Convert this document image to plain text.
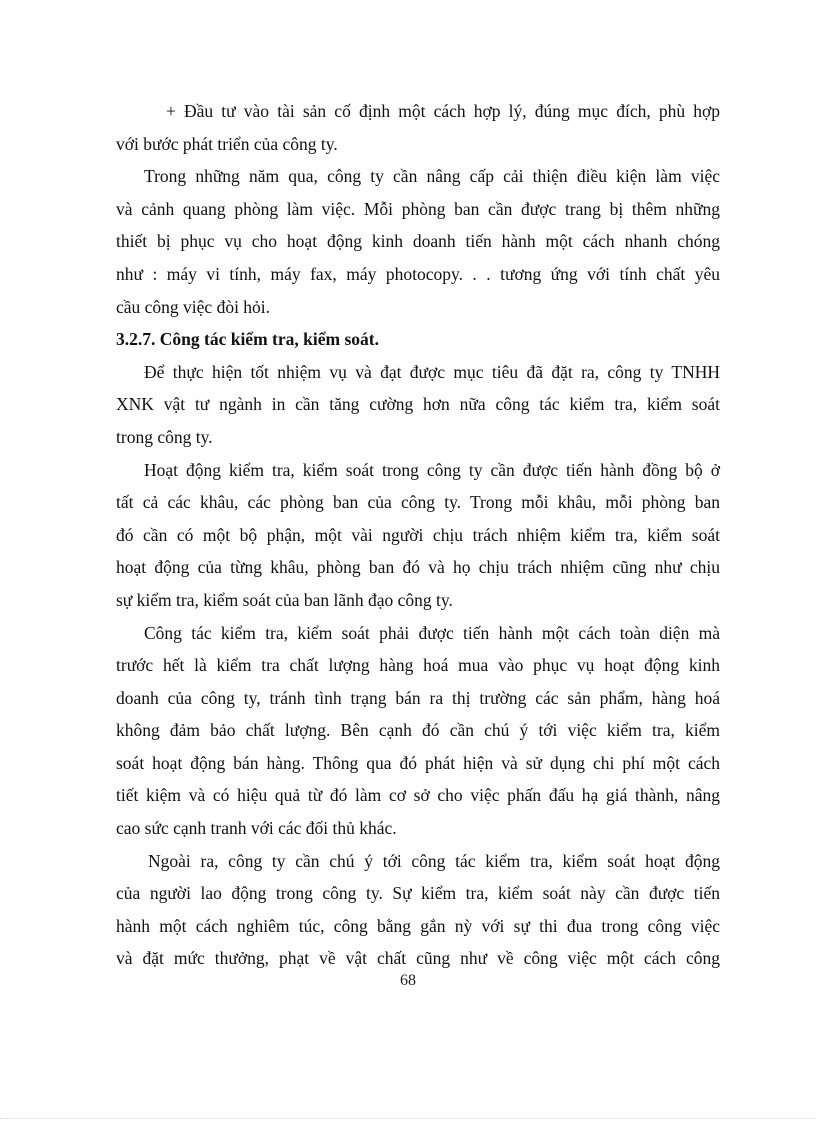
+ Đầu tư vào tài sản cố định một cách hợp lý, đúng mục đích, phù hợp
với bước phát triển của công ty.
Trong những năm qua, công ty cần nâng cấp cải thiện điều kiện làm việc
và cảnh quang phòng làm việc. Mỗi phòng ban cần được trang bị thêm những
thiết bị phục vụ cho hoạt động kinh doanh tiến hành một cách nhanh chóng
như : máy vi tính, máy fax, máy photocopy. . . tương ứng với tính chất yêu
cầu công việc đòi hỏi.
3.2.7. Công tác kiểm tra, kiểm soát.
Để thực hiện tốt nhiệm vụ và đạt được mục tiêu đã đặt ra, công ty TNHH
XNK vật tư ngành in cần tăng cường hơn nữa công tác kiểm tra, kiểm soát
trong công ty.
Hoạt động kiểm tra, kiểm soát trong công ty cần được tiến hành đồng bộ ở
tất cả các khâu, các phòng ban của công ty. Trong mỗi khâu, mỗi phòng ban
đó cần có một bộ phận, một vài người chịu trách nhiệm kiểm tra, kiểm soát
hoạt động của từng khâu, phòng ban đó và họ chịu trách nhiệm cũng như chịu
sự kiểm tra, kiểm soát của ban lãnh đạo công ty.
Công tác kiểm tra, kiểm soát phải được tiến hành một cách toàn diện mà
trước hết là kiểm tra chất lượng hàng hoá mua vào phục vụ hoạt động kinh
doanh của công ty, tránh tình trạng bán ra thị trường các sản phẩm, hàng hoá
không đảm bảo chất lượng. Bên cạnh đó cần chú ý tới việc kiểm tra, kiểm
soát hoạt động bán hàng. Thông qua đó phát hiện và sử dụng chi phí một cách
tiết kiệm và có hiệu quả từ đó làm cơ sở cho việc phấn đấu hạ giá thành, nâng
cao sức cạnh tranh với các đối thủ khác.
Ngoài ra, công ty cần chú ý tới công tác kiểm tra, kiểm soát hoạt động
của người lao động trong công ty. Sự kiểm tra, kiểm soát này cần được tiến
hành một cách nghiêm túc, công bằng gắn nỳ với sự thi đua trong công việc
và đặt mức thưởng, phạt về vật chất cũng như về công việc một cách công
68
